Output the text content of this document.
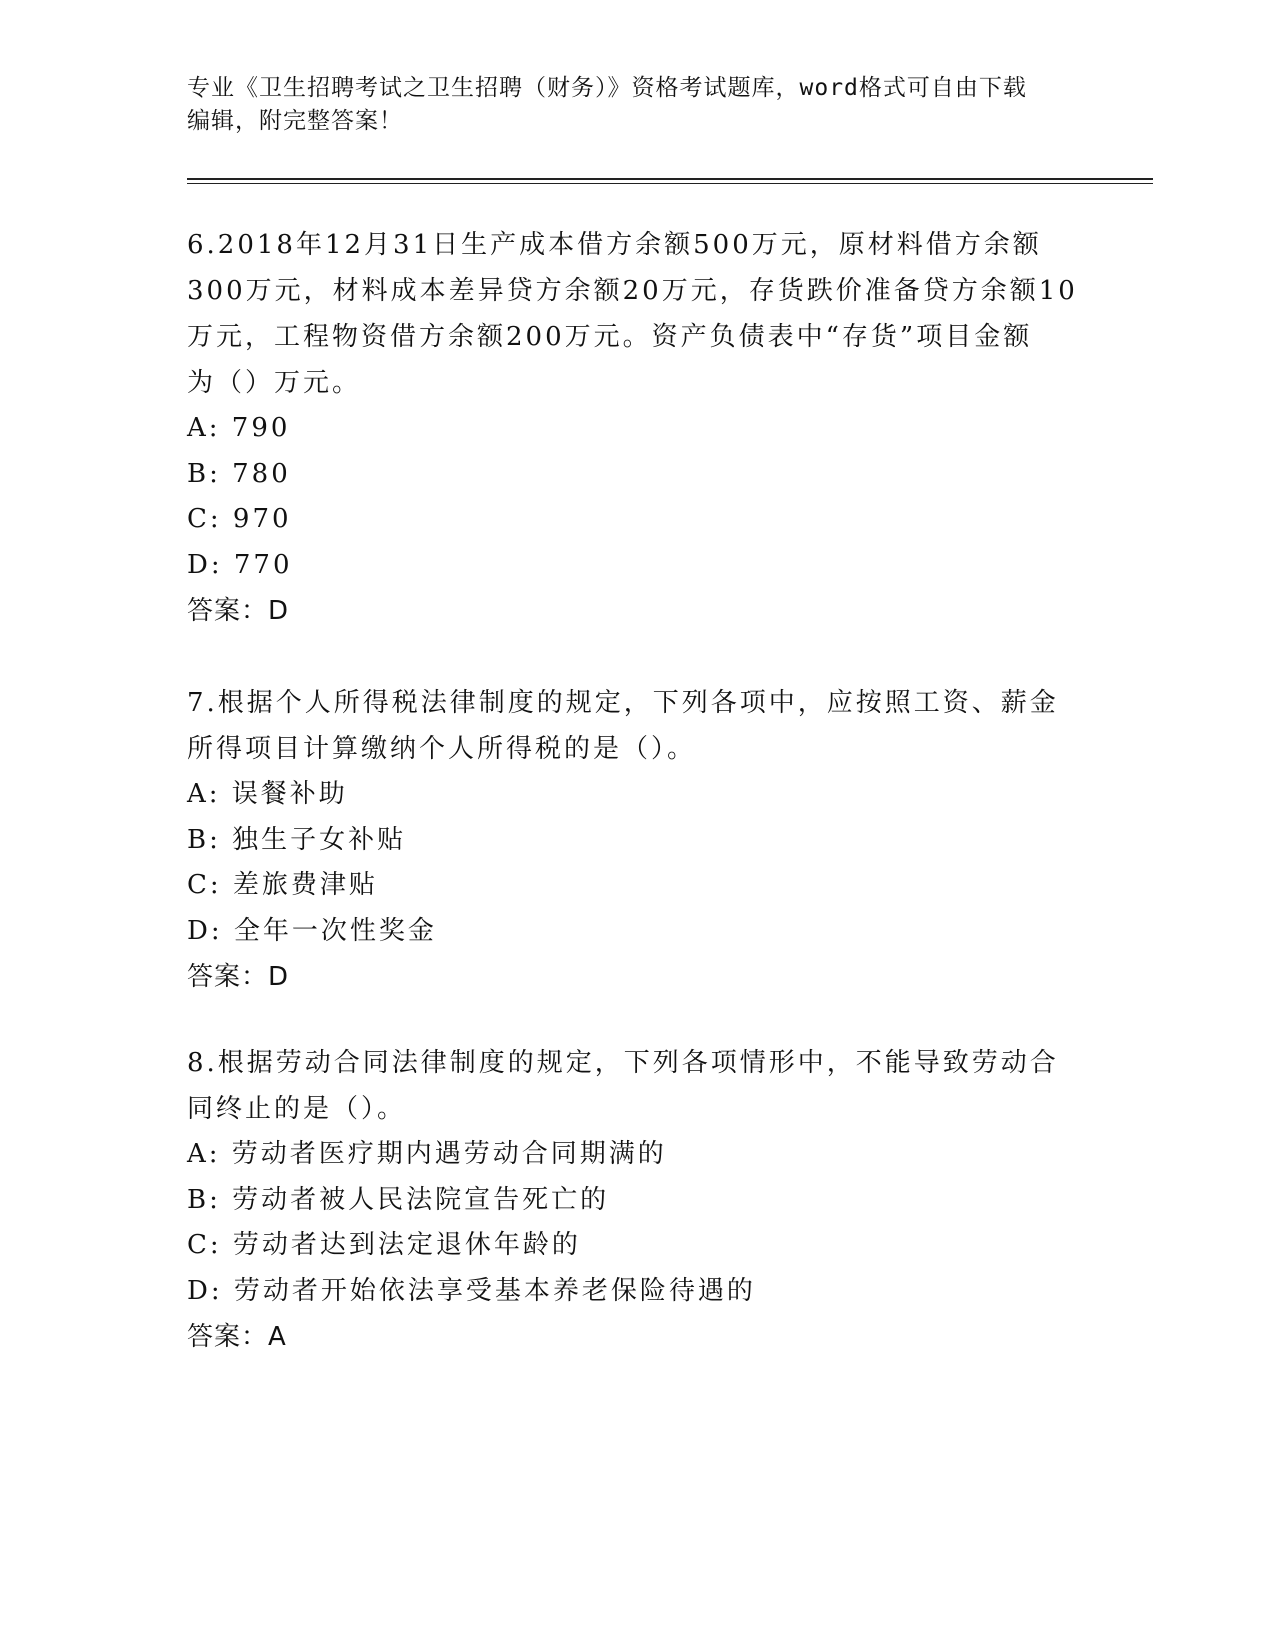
专业《卫生招聘考试之卫生招聘（财务）》资格考试题库，word格式可自由下载
编辑，附完整答案！
6.2018年12月31日生产成本借方余额500万元，原材料借方余额
300万元，材料成本差异贷方余额20万元，存货跌价准备贷方余额10
万元，工程物资借方余额200万元。资产负债表中“存货”项目金额
为（）万元。
A: 790
B: 780
C: 970
D: 770
答案：D
7.根据个人所得税法律制度的规定，下列各项中，应按照工资、薪金
所得项目计算缴纳个人所得税的是（）。
A: 误餐补助
B: 独生子女补贴
C: 差旅费津贴
D: 全年一次性奖金
答案：D
8.根据劳动合同法律制度的规定，下列各项情形中，不能导致劳动合
同终止的是（）。
A: 劳动者医疗期内遇劳动合同期满的
B: 劳动者被人民法院宣告死亡的
C: 劳动者达到法定退休年龄的
D: 劳动者开始依法享受基本养老保险待遇的
答案：A
